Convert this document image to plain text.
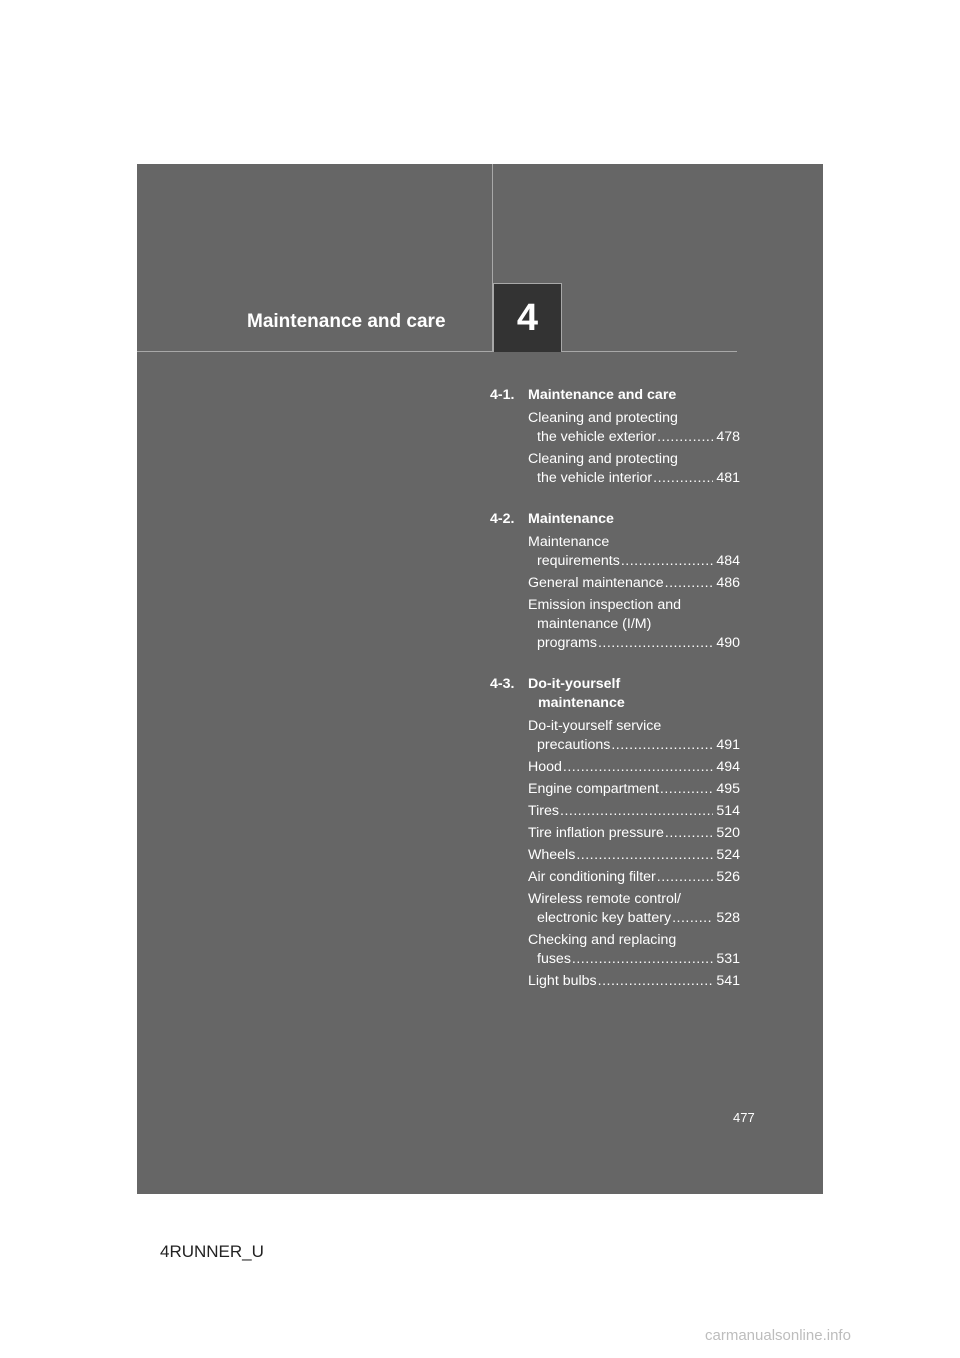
Maintenance and care 4
4-1. Maintenance and care
Cleaning and protecting
the vehicle exterior .....	478
Cleaning and protecting
the vehicle interior .....	481
4-2. Maintenance
Maintenance
requirements .....	484
General maintenance .....	486
Emission inspection and
maintenance (I/M)
programs .....	490
4-3. Do-it-yourself
maintenance
Do-it-yourself service
precautions .....	491
Hood .....	494
Engine compartment .....	495
Tires .....	514
Tire inflation pressure .....	520
Wheels .....	524
Air conditioning filter .....	526
Wireless remote control/
electronic key battery .....	528
Checking and replacing
fuses .....	531
Light bulbs .....	541
477
4RUNNER_U
carmanualsonline.info
